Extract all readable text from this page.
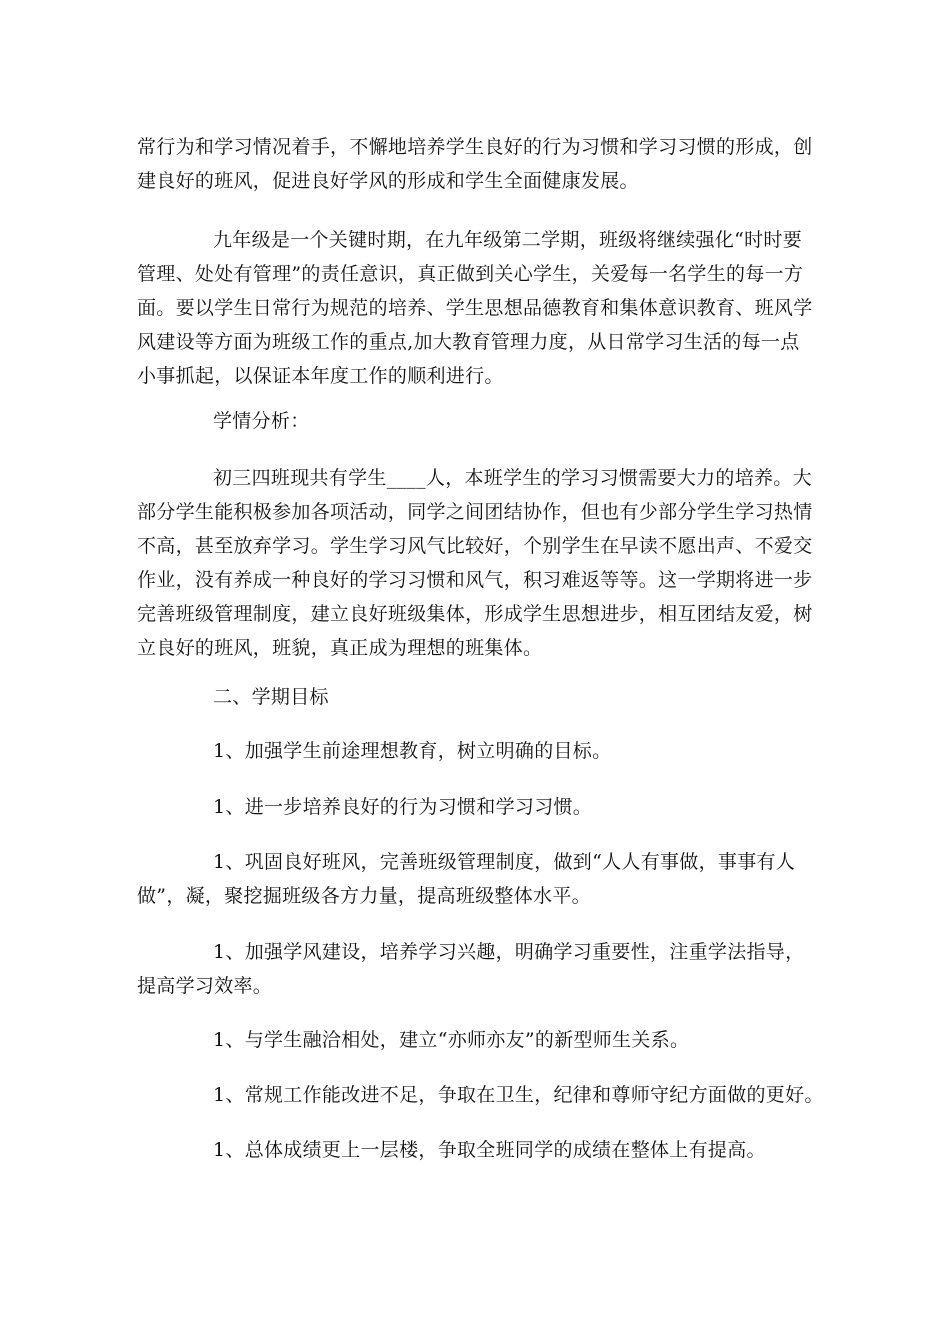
常行为和学习情况着手，不懈地培养学生良好的行为习惯和学习习惯的形成，创
建良好的班风，促进良好学风的形成和学生全面健康发展。

九年级是一个关键时期，在九年级第二学期，班级将继续强化“时时要
管理、处处有管理”的责任意识，真正做到关心学生，关爱每一名学生的每一方
面。要以学生日常行为规范的培养、学生思想品德教育和集体意识教育、班风学
风建设等方面为班级工作的重点,加大教育管理力度，从日常学习生活的每一点
小事抓起，以保证本年度工作的顺利进行。

学情分析：

初三四班现共有学生____人，本班学生的学习习惯需要大力的培养。大
部分学生能积极参加各项活动，同学之间团结协作，但也有少部分学生学习热情
不高，甚至放弃学习。学生学习风气比较好，个别学生在早读不愿出声、不爱交
作业，没有养成一种良好的学习习惯和风气，积习难返等等。这一学期将进一步
完善班级管理制度，建立良好班级集体，形成学生思想进步，相互团结友爱，树
立良好的班风，班貌，真正成为理想的班集体。

二、学期目标

1、加强学生前途理想教育，树立明确的目标。

1、进一步培养良好的行为习惯和学习习惯。

1、巩固良好班风，完善班级管理制度，做到“人人有事做，事事有人
做”，凝，聚挖掘班级各方力量，提高班级整体水平。

1、加强学风建设，培养学习兴趣，明确学习重要性，注重学法指导，
提高学习效率。

1、与学生融洽相处，建立“亦师亦友”的新型师生关系。

1、常规工作能改进不足，争取在卫生，纪律和尊师守纪方面做的更好。

1、总体成绩更上一层楼，争取全班同学的成绩在整体上有提高。
